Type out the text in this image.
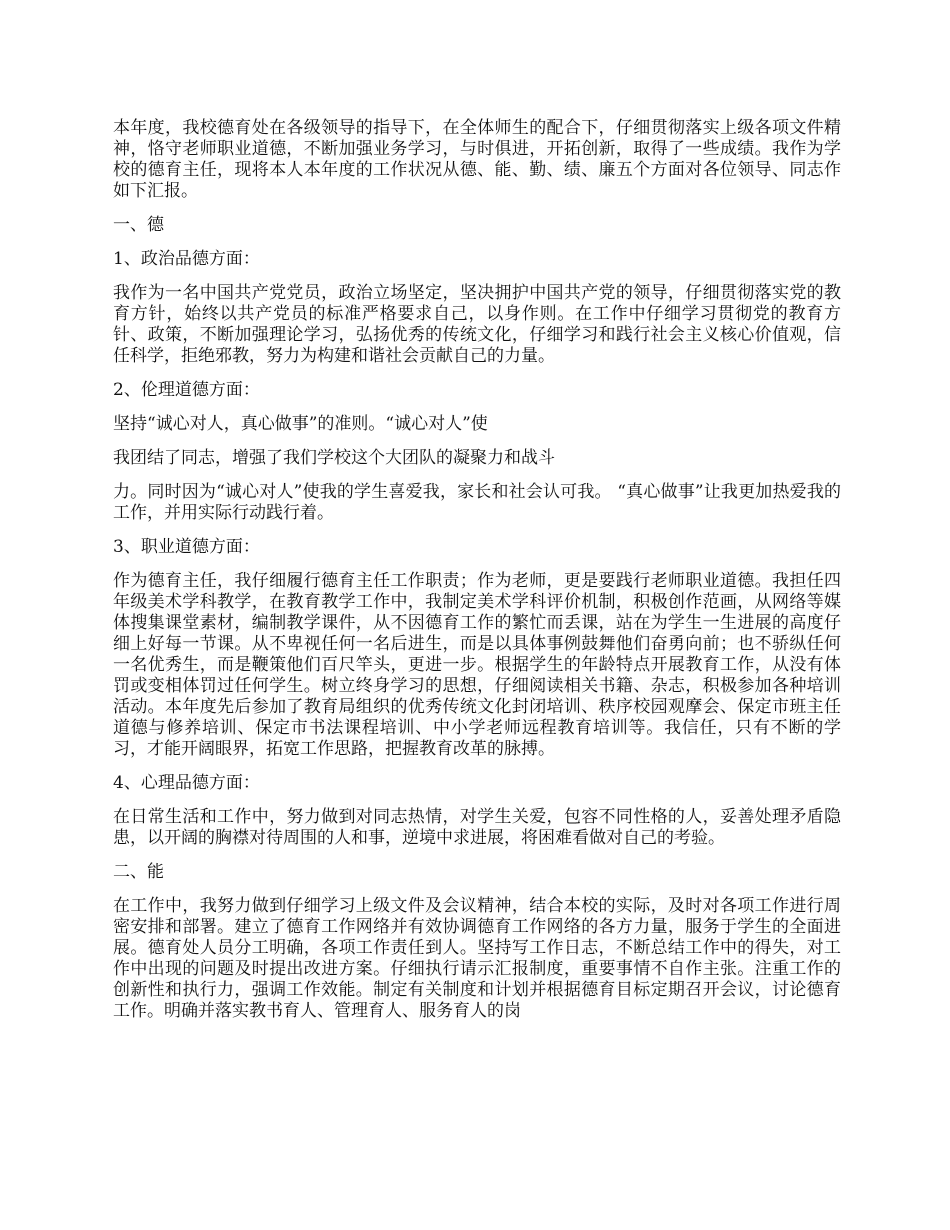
本年度，我校德育处在各级领导的指导下，在全体师生的配合下，仔细贯彻落实上级各项文件精神，恪守老师职业道德，不断加强业务学习，与时俱进，开拓创新，取得了一些成绩。我作为学校的德育主任，现将本人本年度的工作状况从德、能、勤、绩、廉五个方面对各位领导、同志作如下汇报。

一、德

1、政治品德方面：

我作为一名中国共产党党员，政治立场坚定，坚决拥护中国共产党的领导，仔细贯彻落实党的教育方针，始终以共产党员的标准严格要求自己，以身作则。在工作中仔细学习贯彻党的教育方针、政策，不断加强理论学习，弘扬优秀的传统文化，仔细学习和践行社会主义核心价值观，信任科学，拒绝邪教，努力为构建和谐社会贡献自己的力量。

2、伦理道德方面：

坚持“诚心对人，真心做事”的准则。“诚心对人”使

我团结了同志，增强了我们学校这个大团队的凝聚力和战斗

力。同时因为“诚心对人”使我的学生喜爱我，家长和社会认可我。 “真心做事”让我更加热爱我的工作，并用实际行动践行着。

3、职业道德方面：

作为德育主任，我仔细履行德育主任工作职责；作为老师，更是要践行老师职业道德。我担任四年级美术学科教学，在教育教学工作中，我制定美术学科评价机制，积极创作范画，从网络等媒体搜集课堂素材，编制教学课件，从不因德育工作的繁忙而丢课，站在为学生一生进展的高度仔细上好每一节课。从不卑视任何一名后进生，而是以具体事例鼓舞他们奋勇向前；也不骄纵任何一名优秀生，而是鞭策他们百尺竿头，更进一步。根据学生的年龄特点开展教育工作，从没有体罚或变相体罚过任何学生。树立终身学习的思想，仔细阅读相关书籍、杂志，积极参加各种培训活动。本年度先后参加了教育局组织的优秀传统文化封闭培训、秩序校园观摩会、保定市班主任道德与修养培训、保定市书法课程培训、中小学老师远程教育培训等。我信任，只有不断的学习，才能开阔眼界，拓宽工作思路，把握教育改革的脉搏。

4、心理品德方面：

在日常生活和工作中，努力做到对同志热情，对学生关爱，包容不同性格的人，妥善处理矛盾隐患，以开阔的胸襟对待周围的人和事，逆境中求进展，将困难看做对自己的考验。

二、能

在工作中，我努力做到仔细学习上级文件及会议精神，结合本校的实际，及时对各项工作进行周密安排和部署。建立了德育工作网络并有效协调德育工作网络的各方力量，服务于学生的全面进展。德育处人员分工明确，各项工作责任到人。坚持写工作日志，不断总结工作中的得失，对工作中出现的问题及时提出改进方案。仔细执行请示汇报制度，重要事情不自作主张。注重工作的创新性和执行力，强调工作效能。制定有关制度和计划并根据德育目标定期召开会议，讨论德育工作。明确并落实教书育人、管理育人、服务育人的岗
